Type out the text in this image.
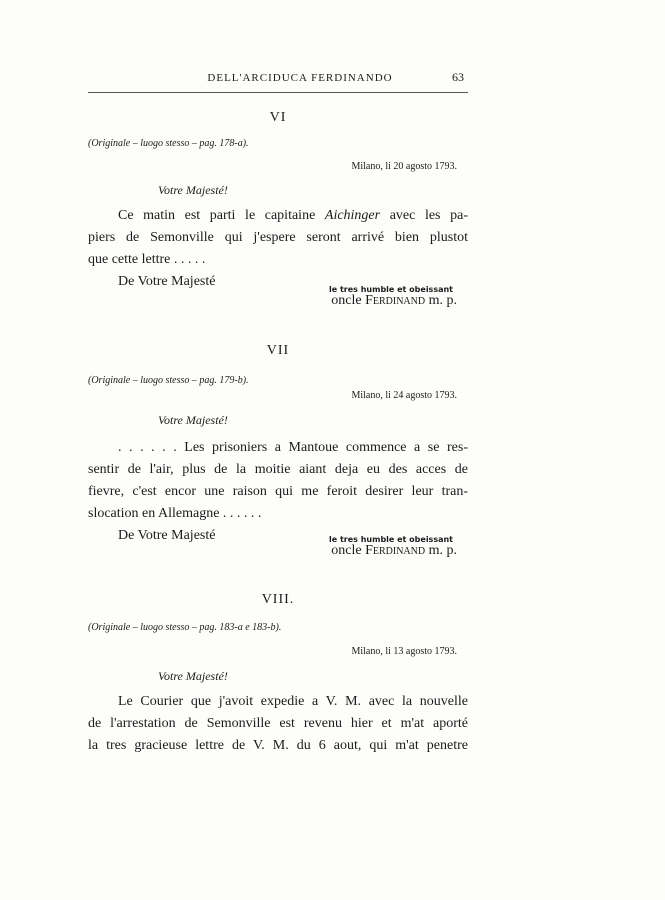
DELL'ARCIDUCA FERDINANDO	63
VI
(Originale – luogo stesso – pag. 178-a).
Milano, li 20 agosto 1793.
Votre Majesté!
Ce matin est parti le capitaine Aichinger avec les pa-
piers de Semonville qui j'espere seront arrivé bien plustot
que cette lettre . . . . .
De Votre Majesté
le tres humble et obeissant
oncle Ferdinand m. p.
VII
(Originale – luogo stesso – pag. 179-b).
Milano, li 24 agosto 1793.
Votre Majesté!
. . . . . . Les prisoniers a Mantoue commence a se res-
sentir de l'air, plus de la moitie aiant deja eu des acces de
fievre, c'est encor une raison qui me feroit desirer leur tran-
slocation en Allemagne . . . . . .
De Votre Majesté	le tres humble et obeissant
oncle Ferdinand m. p.
VIII.
(Originale – luogo stesso – pag. 183-a e 183-b).
Milano, li 13 agosto 1793.
Votre Majesté!
Le Courier que j'avoit expedie a V. M. avec la nouvelle
de l'arrestation de Semonville est revenu hier et m'at aporté
la tres gracieuse lettre de V. M. du 6 aout, qui m'at penetre
